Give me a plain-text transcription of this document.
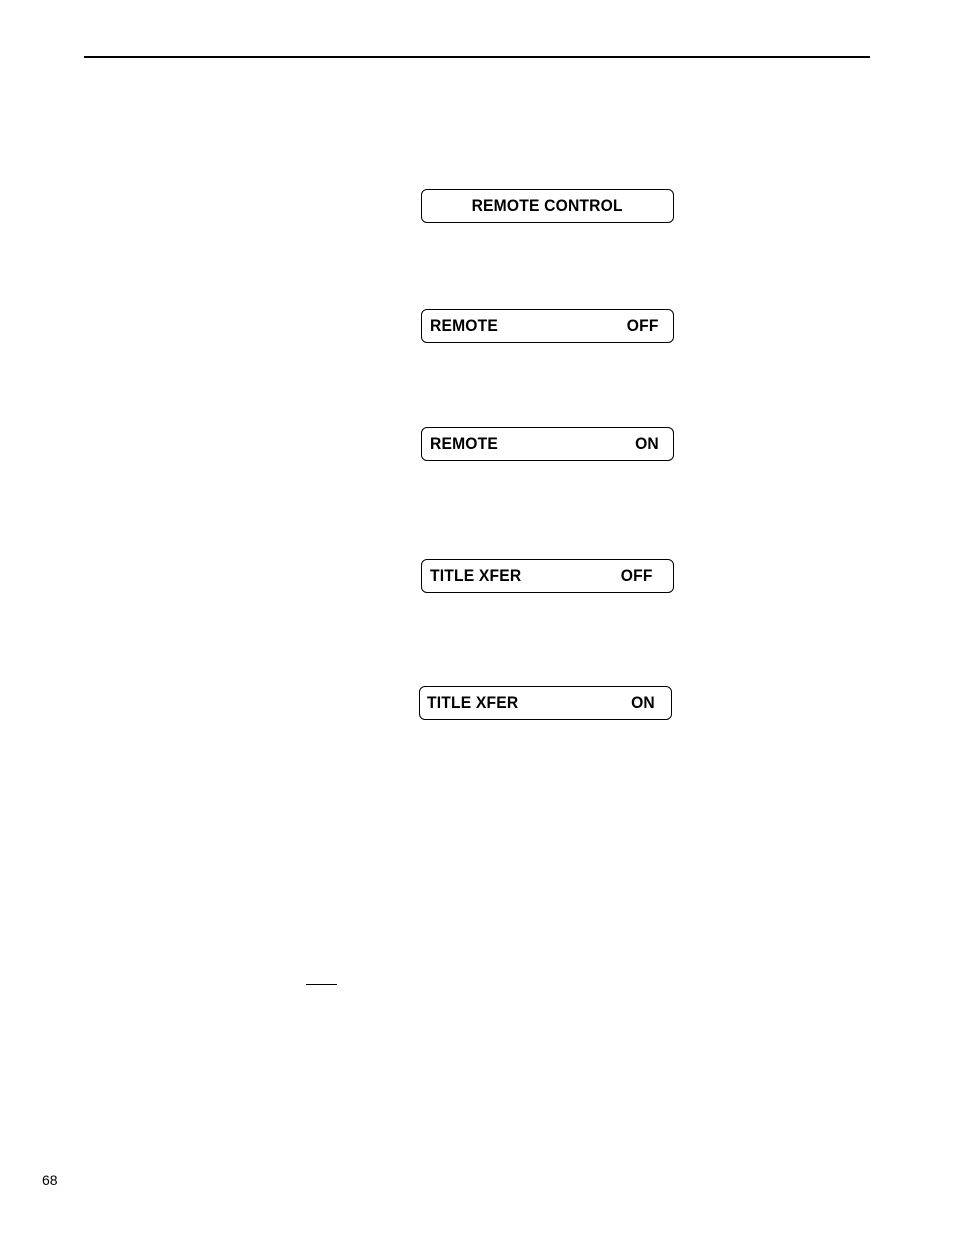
REMOTE CONTROL
REMOTE	OFF
REMOTE	ON
TITLE XFER	OFF
TITLE XFER	ON
68
